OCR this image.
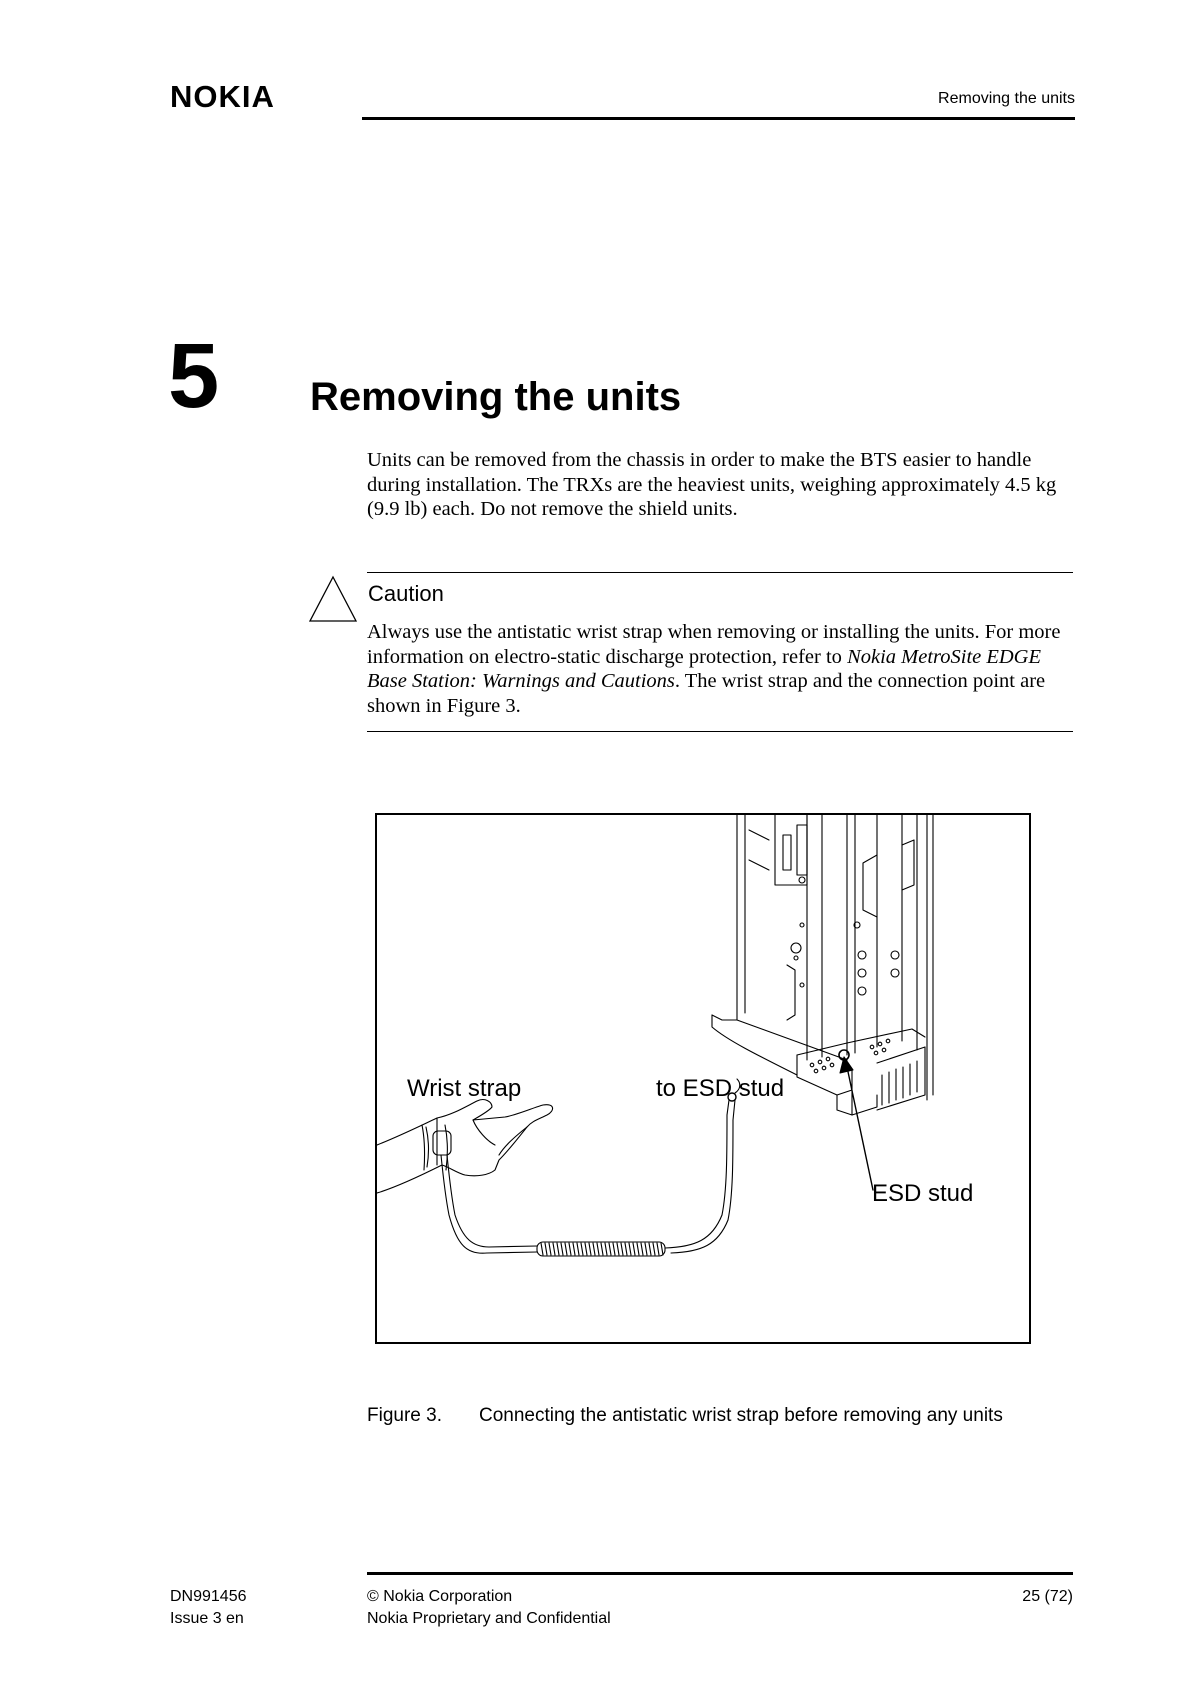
NOKIA	Removing the units
5 Removing the units
Units can be removed from the chassis in order to make the BTS easier to handle during installation. The TRXs are the heaviest units, weighing approximately 4.5 kg (9.9 lb) each. Do not remove the shield units.
Caution
Always use the antistatic wrist strap when removing or installing the units. For more information on electro-static discharge protection, refer to Nokia MetroSite EDGE Base Station: Warnings and Cautions. The wrist strap and the connection point are shown in Figure 3.
Wrist strap	to ESD stud
ESD stud
Figure 3. Connecting the antistatic wrist strap before removing any units
DN991456
Issue 3 en
© Nokia Corporation
Nokia Proprietary and Confidential
25 (72)
